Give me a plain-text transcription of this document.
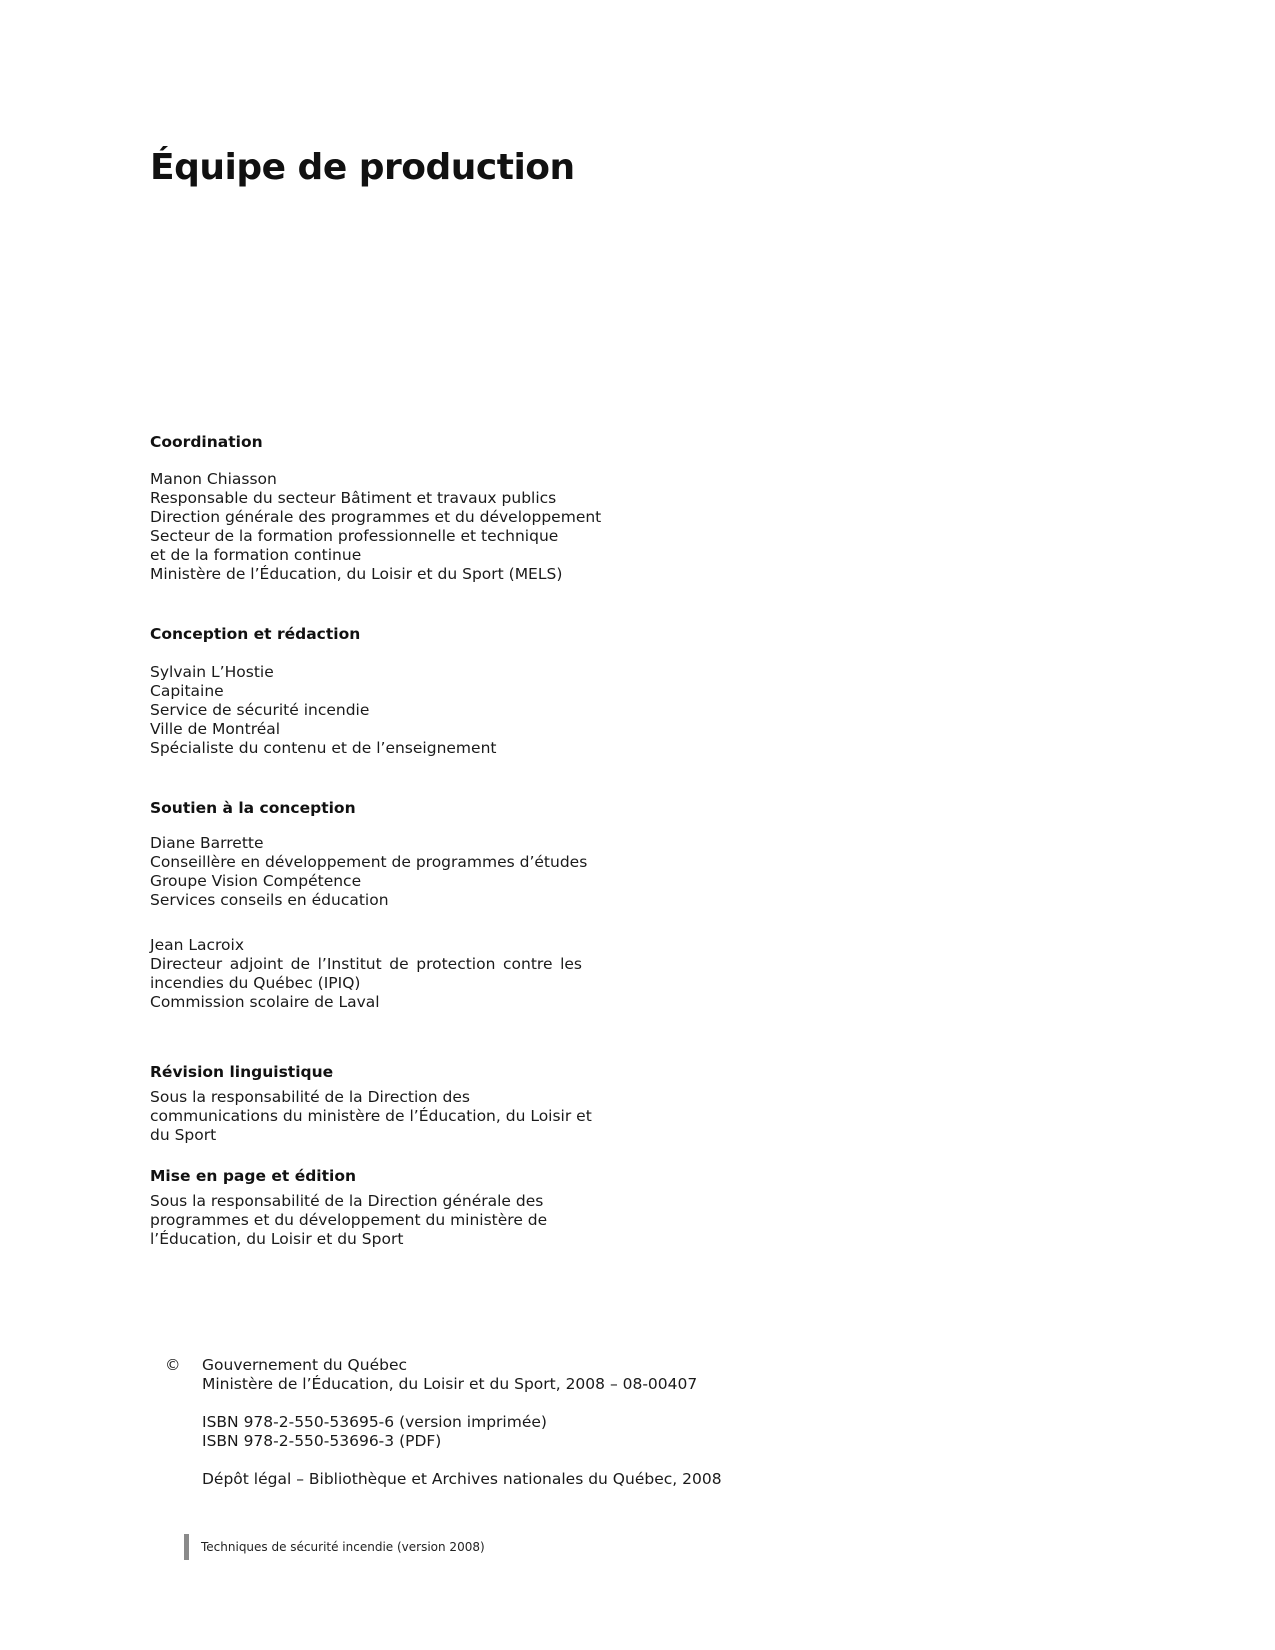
Équipe de production
Coordination
Manon Chiasson
Responsable du secteur Bâtiment et travaux publics
Direction générale des programmes et du développement
Secteur de la formation professionnelle et technique
et de la formation continue
Ministère de l’Éducation, du Loisir et du Sport (MELS)
Conception et rédaction
Sylvain L’Hostie
Capitaine
Service de sécurité incendie
Ville de Montréal
Spécialiste du contenu et de l’enseignement
Soutien à la conception
Diane Barrette
Conseillère en développement de programmes d’études
Groupe Vision Compétence
Services conseils en éducation
Jean Lacroix
Directeur adjoint de l’Institut de protection contre les incendies du Québec (IPIQ)
Commission scolaire de Laval
Révision linguistique
Sous la responsabilité de la Direction des
communications du ministère de l’Éducation, du Loisir et
du Sport
Mise en page et édition
Sous la responsabilité de la Direction générale des
programmes et du développement du ministère de
l’Éducation, du Loisir et du Sport
© Gouvernement du Québec
Ministère de l’Éducation, du Loisir et du Sport, 2008 – 08-00407
ISBN 978-2-550-53695-6 (version imprimée)
ISBN 978-2-550-53696-3 (PDF)
Dépôt légal – Bibliothèque et Archives nationales du Québec, 2008
Techniques de sécurité incendie (version 2008)
